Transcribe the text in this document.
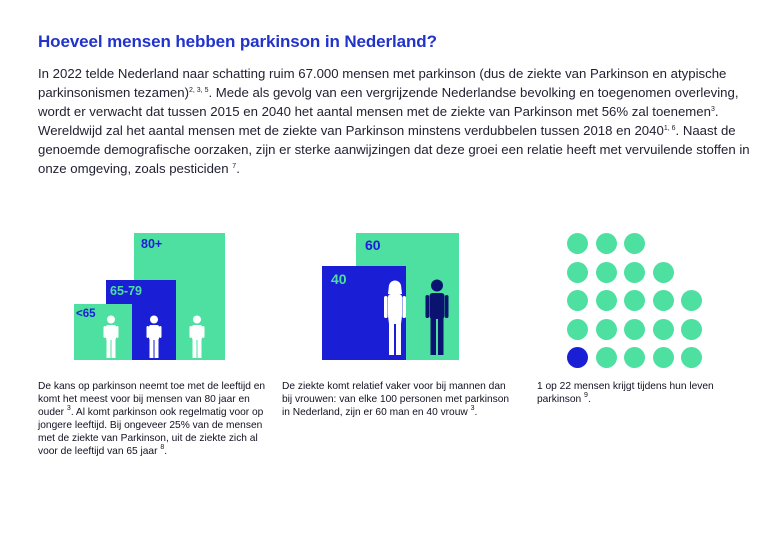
Hoeveel mensen hebben parkinson in Nederland?

In 2022 telde Nederland naar schatting ruim 67.000 mensen met parkinson (dus de ziekte van Parkinson en atypische parkinsonismen tezamen)$^{2, 3, 5}$. Mede als gevolg van een vergrijzende Nederlandse bevolking en toegenomen overleving, wordt er verwacht dat tussen 2015 en 2040 het aantal mensen met de ziekte van Parkinson met 56% zal toenemen$^3$. Wereldwijd zal het aantal mensen met de ziekte van Parkinson minstens verdubbelen tussen 2018 en 2040$^{1, 6}$. Naast de genoemde demografische oorzaken, zijn er sterke aanwijzingen dat deze groei een relatie heeft met vervuilende stoffen in onze omgeving, zoals pesticiden $^7$.

80+
65-79
<65

De kans op parkinson neemt toe met de leeftijd en komt het meest voor bij mensen van 80 jaar en ouder $^3$. Al komt parkinson ook regelmatig voor op jongere leeftijd. Bij ongeveer 25% van de mensen met de ziekte van Parkinson, uit de ziekte zich al voor de leeftijd van 65 jaar $^8$.

60
40

De ziekte komt relatief vaker voor bij mannen dan bij vrouwen: van elke 100 personen met parkinson in Nederland, zijn er 60 man en 40 vrouw $^3$.

1 op 22 mensen krijgt tijdens hun leven parkinson $^9$.
